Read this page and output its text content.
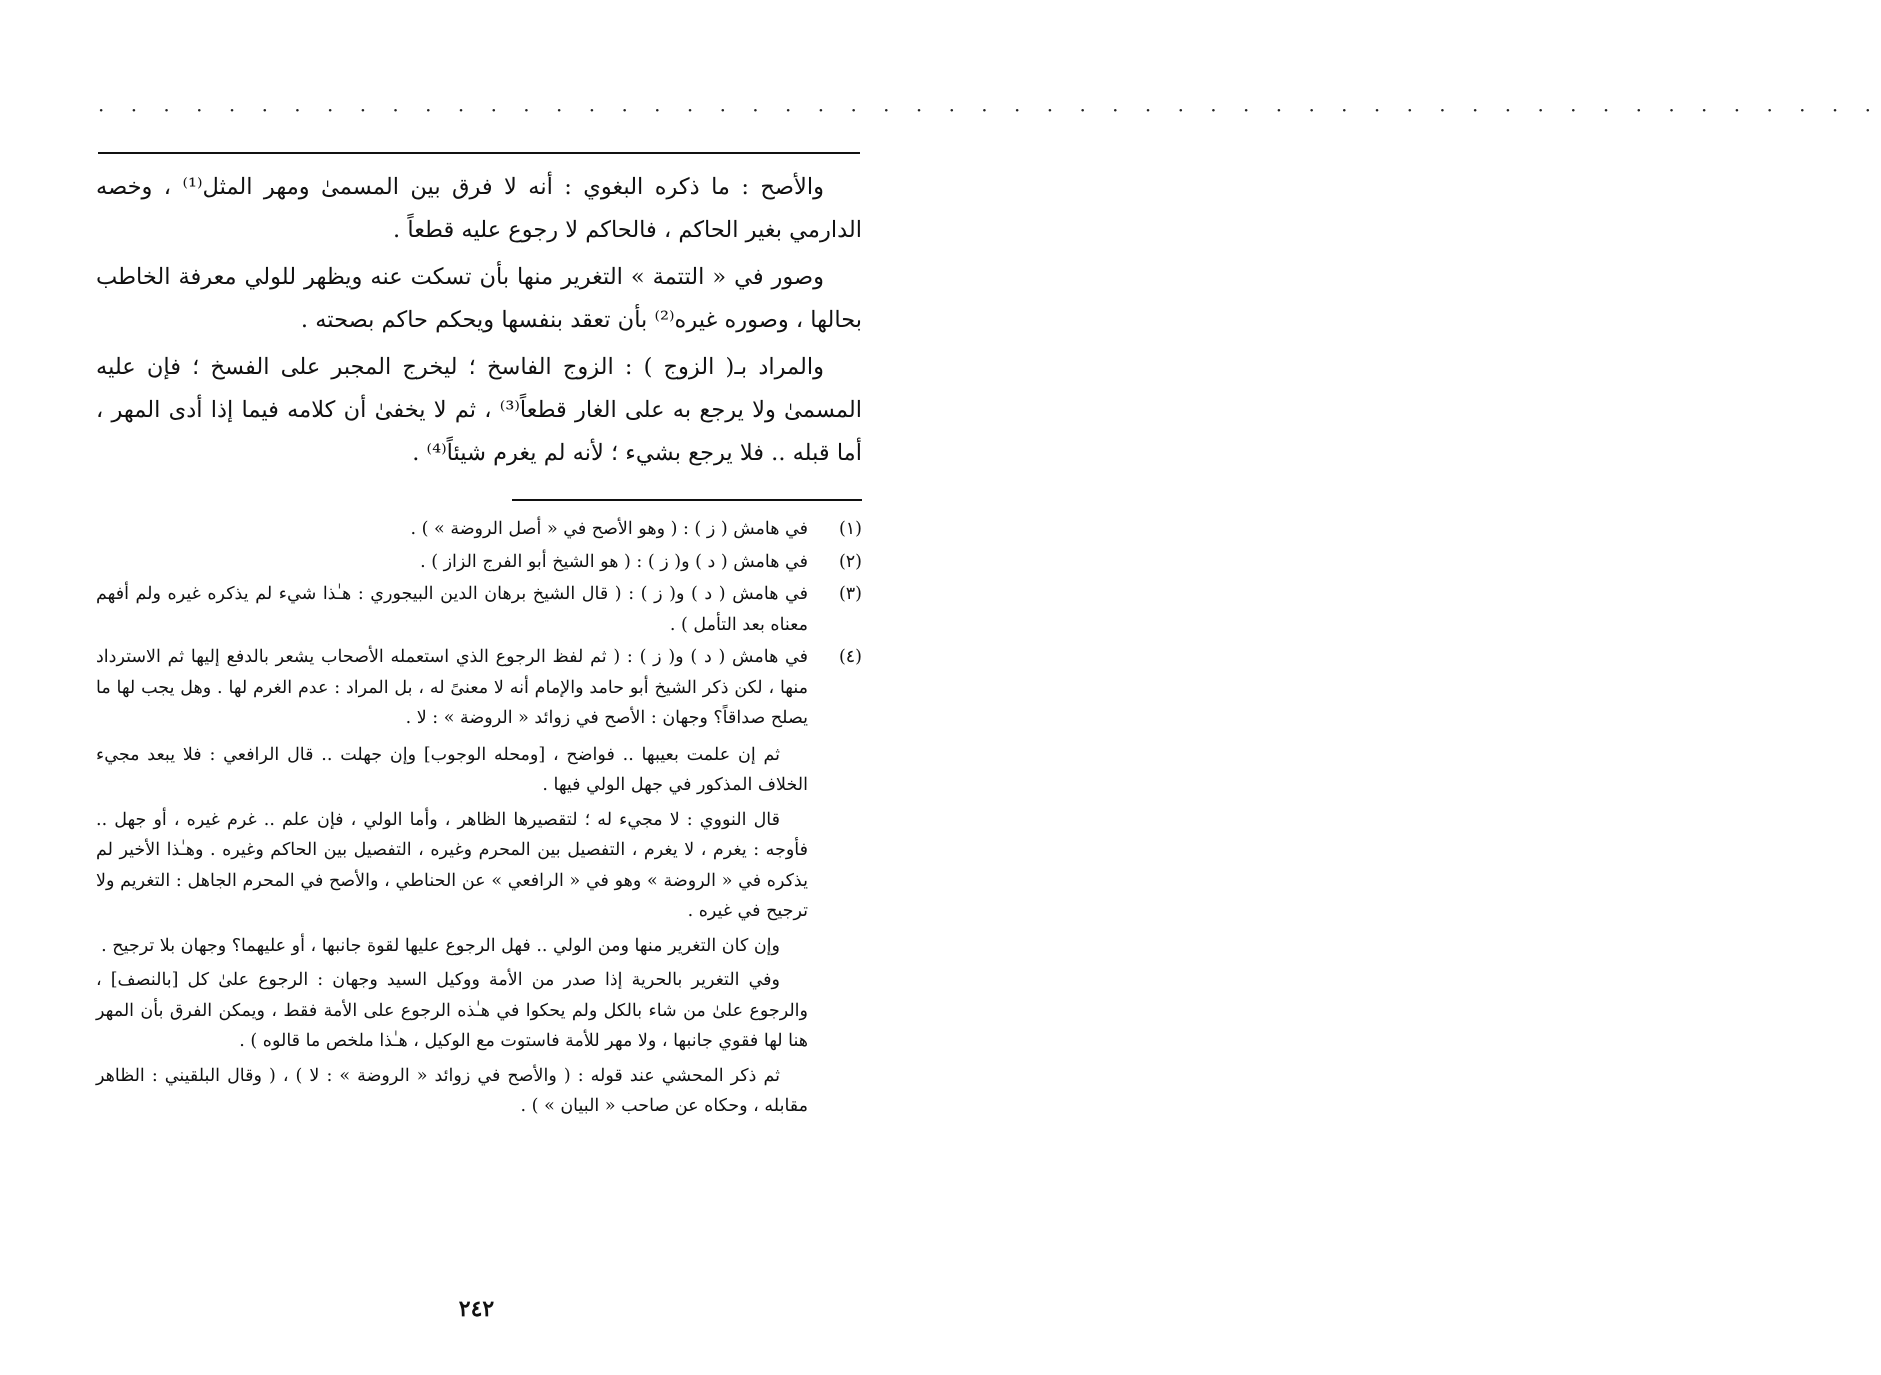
· · · · · · · · · · · · · · · · · · · · · · · · · · · · · · · · · · · · · · · · · · · · · · · · · · · · · · ·

والأصح : ما ذكره البغوي : أنه لا فرق بين المسمىٰ ومهر المثل⁽¹⁾ ، وخصه الدارمي بغير الحاكم ، فالحاكم لا رجوع عليه قطعاً .

وصور في « التتمة » التغرير منها بأن تسكت عنه ويظهر للولي معرفة الخاطب بحالها ، وصوره غيره⁽²⁾ بأن تعقد بنفسها ويحكم حاكم بصحته .

والمراد بـ( الزوج ) : الزوج الفاسخ ؛ ليخرج المجبر على الفسخ ؛ فإن عليه المسمىٰ ولا يرجع به على الغار قطعاً⁽³⁾ ، ثم لا يخفىٰ أن كلامه فيما إذا أدى المهر ، أما قبله .. فلا يرجع بشيء ؛ لأنه لم يغرم شيئاً⁽⁴⁾ .

(١)
في هامش ( ز ) : ( وهو الأصح في « أصل الروضة » ) .
(٢)
في هامش ( د ) و( ز ) : ( هو الشيخ أبو الفرج الزاز ) .
(٣)
في هامش ( د ) و( ز ) : ( قال الشيخ برهان الدين البيجوري : هـٰذا شيء لم يذكره غيره ولم أفهم معناه بعد التأمل ) .
(٤)

في هامش ( د ) و( ز ) : ( ثم لفظ الرجوع الذي استعمله الأصحاب يشعر بالدفع إليها ثم الاسترداد منها ، لكن ذكر الشيخ أبو حامد والإمام أنه لا معنىً له ، بل المراد : عدم الغرم لها . وهل يجب لها ما يصلح صداقاً؟ وجهان : الأصح في زوائد « الروضة » : لا .

ثم إن علمت بعيبها .. فواضح ، [ومحله الوجوب] وإن جهلت .. قال الرافعي : فلا يبعد مجيء الخلاف المذكور في جهل الولي فيها .

قال النووي : لا مجيء له ؛ لتقصيرها الظاهر ، وأما الولي ، فإن علم .. غرم غيره ، أو جهل .. فأوجه : يغرم ، لا يغرم ، التفصيل بين المحرم وغيره ، التفصيل بين الحاكم وغيره . وهـٰذا الأخير لم يذكره في « الروضة » وهو في « الرافعي » عن الحناطي ، والأصح في المحرم الجاهل : التغريم ولا ترجيح في غيره .

وإن كان التغرير منها ومن الولي .. فهل الرجوع عليها لقوة جانبها ، أو عليهما؟ وجهان بلا ترجيح .

وفي التغرير بالحرية إذا صدر من الأمة ووكيل السيد وجهان : الرجوع علىٰ كل [بالنصف] ، والرجوع علىٰ من شاء بالكل ولم يحكوا في هـٰذه الرجوع على الأمة فقط ، ويمكن الفرق بأن المهر هنا لها فقوي جانبها ، ولا مهر للأمة فاستوت مع الوكيل ، هـٰذا ملخص ما قالوه ) .

ثم ذكر المحشي عند قوله : ( والأصح في زوائد « الروضة » : لا ) ، ( وقال البلقيني : الظاهر مقابله ، وحكاه عن صاحب « البيان » ) .

٢٤٢
